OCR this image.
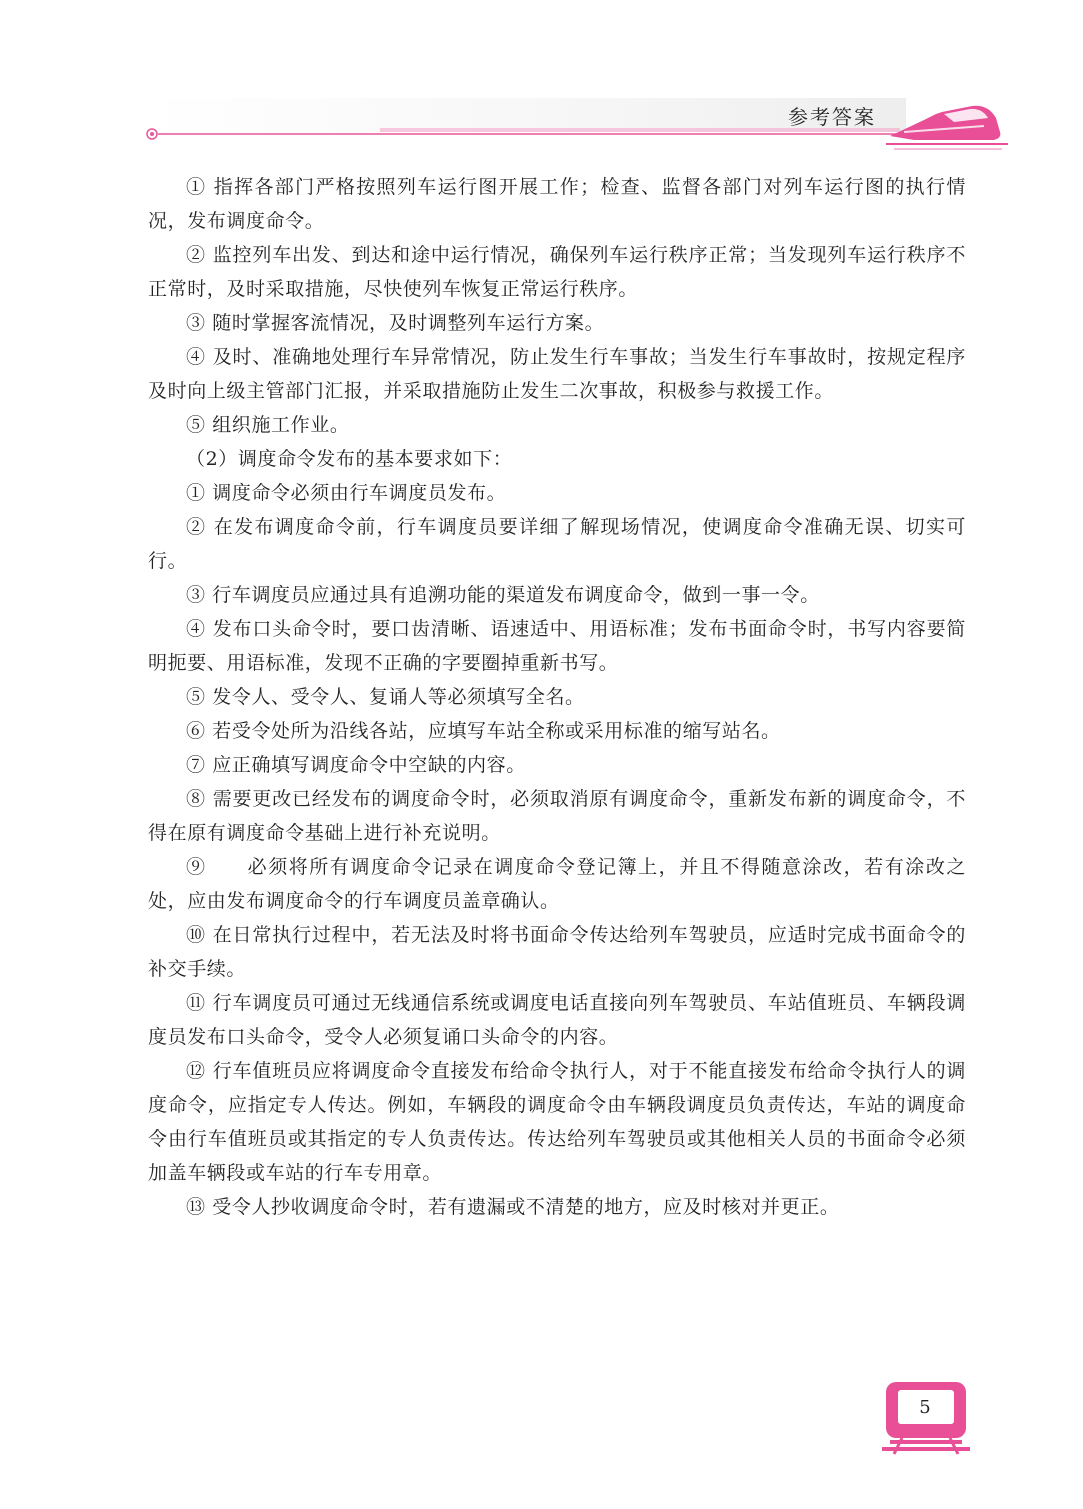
参考答案

① 指挥各部门严格按照列车运行图开展工作；检查、监督各部门对列车运行图的执行情况，发布调度命令。

② 监控列车出发、到达和途中运行情况，确保列车运行秩序正常；当发现列车运行秩序不正常时，及时采取措施，尽快使列车恢复正常运行秩序。

③ 随时掌握客流情况，及时调整列车运行方案。

④ 及时、准确地处理行车异常情况，防止发生行车事故；当发生行车事故时，按规定程序及时向上级主管部门汇报，并采取措施防止发生二次事故，积极参与救援工作。

⑤ 组织施工作业。

（2）调度命令发布的基本要求如下：

① 调度命令必须由行车调度员发布。

② 在发布调度命令前，行车调度员要详细了解现场情况，使调度命令准确无误、切实可行。

③ 行车调度员应通过具有追溯功能的渠道发布调度命令，做到一事一令。

④ 发布口头命令时，要口齿清晰、语速适中、用语标准；发布书面命令时，书写内容要简明扼要、用语标准，发现不正确的字要圈掉重新书写。

⑤ 发令人、受令人、复诵人等必须填写全名。

⑥ 若受令处所为沿线各站，应填写车站全称或采用标准的缩写站名。

⑦ 应正确填写调度命令中空缺的内容。

⑧ 需要更改已经发布的调度命令时，必须取消原有调度命令，重新发布新的调度命令，不得在原有调度命令基础上进行补充说明。

⑨　　必须将所有调度命令记录在调度命令登记簿上，并且不得随意涂改，若有涂改之处，应由发布调度命令的行车调度员盖章确认。

⑩ 在日常执行过程中，若无法及时将书面命令传达给列车驾驶员，应适时完成书面命令的补交手续。

⑪ 行车调度员可通过无线通信系统或调度电话直接向列车驾驶员、车站值班员、车辆段调度员发布口头命令，受令人必须复诵口头命令的内容。

⑫ 行车值班员应将调度命令直接发布给命令执行人，对于不能直接发布给命令执行人的调度命令，应指定专人传达。例如，车辆段的调度命令由车辆段调度员负责传达，车站的调度命令由行车值班员或其指定的专人负责传达。传达给列车驾驶员或其他相关人员的书面命令必须加盖车辆段或车站的行车专用章。

⑬ 受令人抄收调度命令时，若有遗漏或不清楚的地方，应及时核对并更正。

5
